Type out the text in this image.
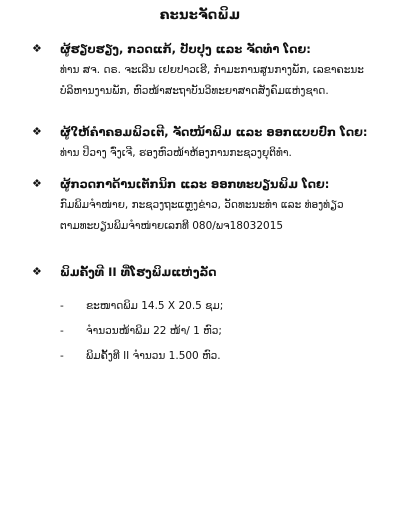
ຄະນະຈັດພິມ
❖	ຜູ້ຮຽບຮຽງ, ກວດແກ້, ປັບປຸງ ແລະ ຈັດທຳ ໂດຍ:
ທ່ານ ສຈ. ດຣ. ຈະເລີນ ເຢຍປາວເຮີ, ກຳມະການສູນກາງພັກ, ເລຂາຄະນະ
ບໍລິຫານງານພັກ, ຫົວໜ້າສະຖາບັນວິທະຍາສາດສັງຄົມແຫ່ງຊາດ.
❖	ຜູ້ໃຫ້ຄຳຄອມພິວເຕີ, ຈັດໜ້າພິມ ແລະ ອອກແບບປົກ ໂດຍ:
ທ່ານ ປິວາງ ຈົ່ງເຈີ, ຮອງຫົວໜ້າຫ້ອງການກະຊວງຍຸຕິທຳ.
❖	ຜູ້ກວດກາດ້ານເຕັກນິກ ແລະ ອອກທະບຽນພິມ ໂດຍ:
ກົມພິມຈຳໜ່າຍ, ກະຊວງຖະແຫຼງຂ່າວ, ວັດທະນະທຳ ແລະ ທ່ອງທ່ຽວ
ຕາມທະບຽນພິມຈຳໜ່າຍເລກທີ 080/ພຈ18032015
❖	ພິມຄັ້ງທີ II ທີ່ໂຮງພິມແຫ່ງລັດ
-	ຂະໜາດພິມ 14.5 X 20.5 ຊມ;
-	ຈຳນວນໜ້າພິມ 22 ໜ້າ/ 1 ຫົວ;
-	ພິມຄັ້ງທີ II ຈຳນວນ 1.500 ຫົວ.
